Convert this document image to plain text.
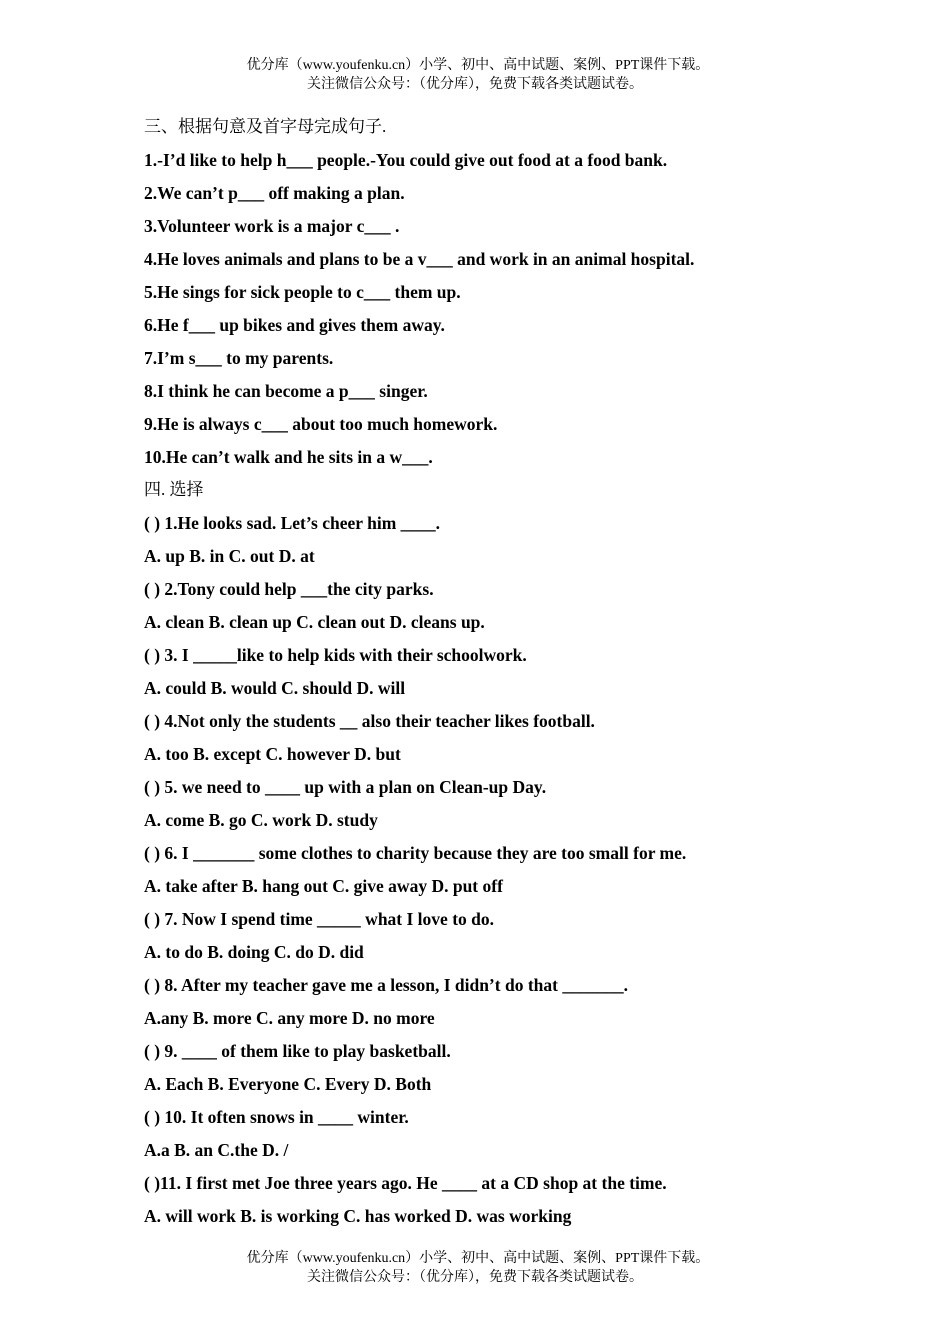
优分库（www.youfenku.cn）小学、初中、高中试题、案例、PPT课件下载。
关注微信公众号：（优分库），免费下载各类试题试卷。
三、根据句意及首字母完成句子.
1.-I’d like to help h___ people.-You could give out food at a food bank.
2.We can’t p___ off making a plan.
3.Volunteer work is a major c___ .
4.He loves animals and plans to be a v___ and work in an animal hospital.
5.He sings for sick people to c___ them up.
6.He f___ up bikes and gives them away.
7.I’m s___ to my parents.
8.I think he can become a p___ singer.
9.He is always c___ about too much homework.
10.He can’t walk and he sits in a w___.
四. 选择
( ) 1.He looks sad. Let’s cheer him ____.
A. up B. in C. out D. at
( ) 2.Tony could help ___the city parks.
A. clean B. clean up C. clean out D. cleans up.
( ) 3. I _____like to help kids with their schoolwork.
A. could B. would C. should D. will
( ) 4.Not only the students __ also their teacher likes football.
A. too B. except C. however D. but
( ) 5. we need to ____ up with a plan on Clean-up Day.
A. come B. go C. work D. study
( ) 6. I _______ some clothes to charity because they are too small for me.
A. take after B. hang out C. give away D. put off
( ) 7. Now I spend time _____ what I love to do.
A. to do B. doing C. do D. did
( ) 8. After my teacher gave me a lesson, I didn’t do that _______.
A.any B. more C. any more D. no more
( ) 9. ____ of them like to play basketball.
A. Each B. Everyone C. Every D. Both
( ) 10. It often snows in ____ winter.
A.a B. an C.the D. /
( )11. I first met Joe three years ago. He ____ at a CD shop at the time.
A. will work B. is working C. has worked D. was working
优分库（www.youfenku.cn）小学、初中、高中试题、案例、PPT课件下载。
关注微信公众号：（优分库），免费下载各类试题试卷。
